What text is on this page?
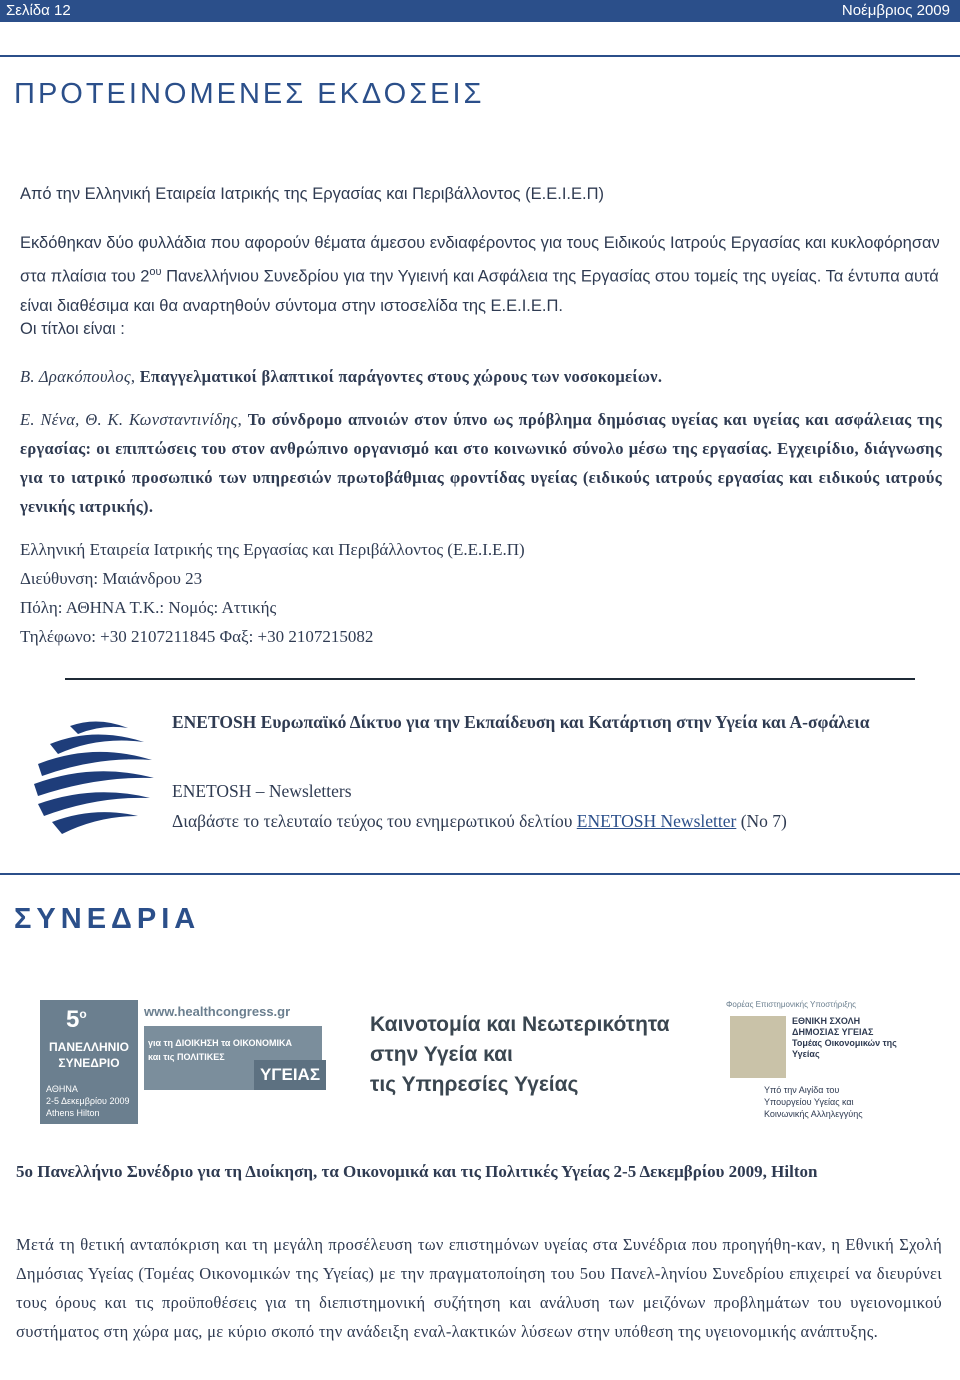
Σελίδα 12	Νοέμβριος 2009
ΠΡΟΤΕΙΝΟΜΕΝΕΣ ΕΚΔΟΣΕΙΣ
Από την Ελληνική Εταιρεία Ιατρικής της Εργασίας και Περιβάλλοντος (Ε.Ε.Ι.Ε.Π)
Εκδόθηκαν δύο φυλλάδια που αφορούν θέματα άμεσου ενδιαφέροντος για τους Ειδικούς Ιατρούς Εργασίας και κυκλοφόρησαν στα πλαίσια του $2^{o\upsilon}$ Πανελλήνιου Συνεδρίου για την Υγιεινή και Ασφάλεια της Εργασίας στου τομείς της υγείας. Τα έντυπα αυτά είναι διαθέσιμα και θα αναρτηθούν σύντομα στην ιστοσελίδα της Ε.Ε.Ι.Ε.Π.
Οι τίτλοι είναι :
Β. Δρακόπουλος, Επαγγελματικοί βλαπτικοί παράγοντες στους χώρους των νοσοκομείων.
Ε. Νένα, Θ. Κ. Κωνσταντινίδης, Το σύνδρομο απνοιών στον ύπνο ως πρόβλημα δημόσιας υγείας και υγείας και ασφάλειας της εργασίας: οι επιπτώσεις του στον ανθρώπινο οργανισμό και στο κοινωνικό σύνολο μέσω της εργασίας. Εγχειρίδιο, διάγνωσης για το ιατρικό προσωπικό των υπηρεσιών πρωτοβάθμιας φροντίδας υγείας (ειδικούς ιατρούς εργασίας και ειδικούς ιατρούς γενικής ιατρικής).
Ελληνική Εταιρεία Ιατρικής της Εργασίας και Περιβάλλοντος (Ε.Ε.Ι.Ε.Π)
Διεύθυνση: Μαιάνδρου 23
Πόλη: ΑΘΗΝΑ Τ.Κ.: Νομός: Αττικής
Τηλέφωνο: +30 2107211845 Φαξ: +30 2107215082
ENETOSH Ευρωπαϊκό Δίκτυο για την Εκπαίδευση και Κατάρτιση στην Υγεία και Α-σφάλεια
ENETOSH – Newsletters
Διαβάστε το τελευταίο τεύχος του ενημερωτικού δελτίου ENETOSH Newsletter (No 7)
ΣΥΝΕΔΡΙΑ
$5^o$
ΠΑΝΕΛΛΗΝΙΟ
ΣΥΝΕΔΡΙΟ
ΑΘΗΝΑ
2-5 Δεκεμβρίου 2009
Athens Hilton
www.healthcongress.gr
για τη ΔΙΟΙΚΗΣΗ τα ΟΙΚΟΝΟΜΙΚΑ
και τις ΠΟΛΙΤΙΚΕΣ
ΥΓΕΙΑΣ
Καινοτομία και Νεωτερικότητα
στην Υγεία και
τις Υπηρεσίες Υγείας
Φορέας Επιστημονικής Υποστήριξης
ΕΘΝΙΚΗ ΣΧΟΛΗ ΔΗΜΟΣΙΑΣ ΥΓΕΙΑΣ Τομέας Οικονομικών της Υγείας
Υπό την Αιγίδα του
Υπουργείου Υγείας και
Κοινωνικής Αλληλεγγύης
5ο Πανελλήνιο Συνέδριο για τη Διοίκηση, τα Οικονομικά και τις Πολιτικές Υγείας 2-5 Δεκεμβρίου 2009, Hilton
Μετά τη θετική ανταπόκριση και τη μεγάλη προσέλευση των επιστημόνων υγείας στα Συνέδρια που προηγήθη-καν, η Εθνική Σχολή Δημόσιας Υγείας (Τομέας Οικονομικών της Υγείας) με την πραγματοποίηση του 5ου Πανελ-ληνίου Συνεδρίου επιχειρεί να διευρύνει τους όρους και τις προϋποθέσεις για τη διεπιστημονική συζήτηση και ανάλυση των μειζόνων προβλημάτων του υγειονομικού συστήματος στη χώρα μας, με κύριο σκοπό την ανάδειξη εναλ-λακτικών λύσεων στην υπόθεση της υγειονομικής ανάπτυξης.
